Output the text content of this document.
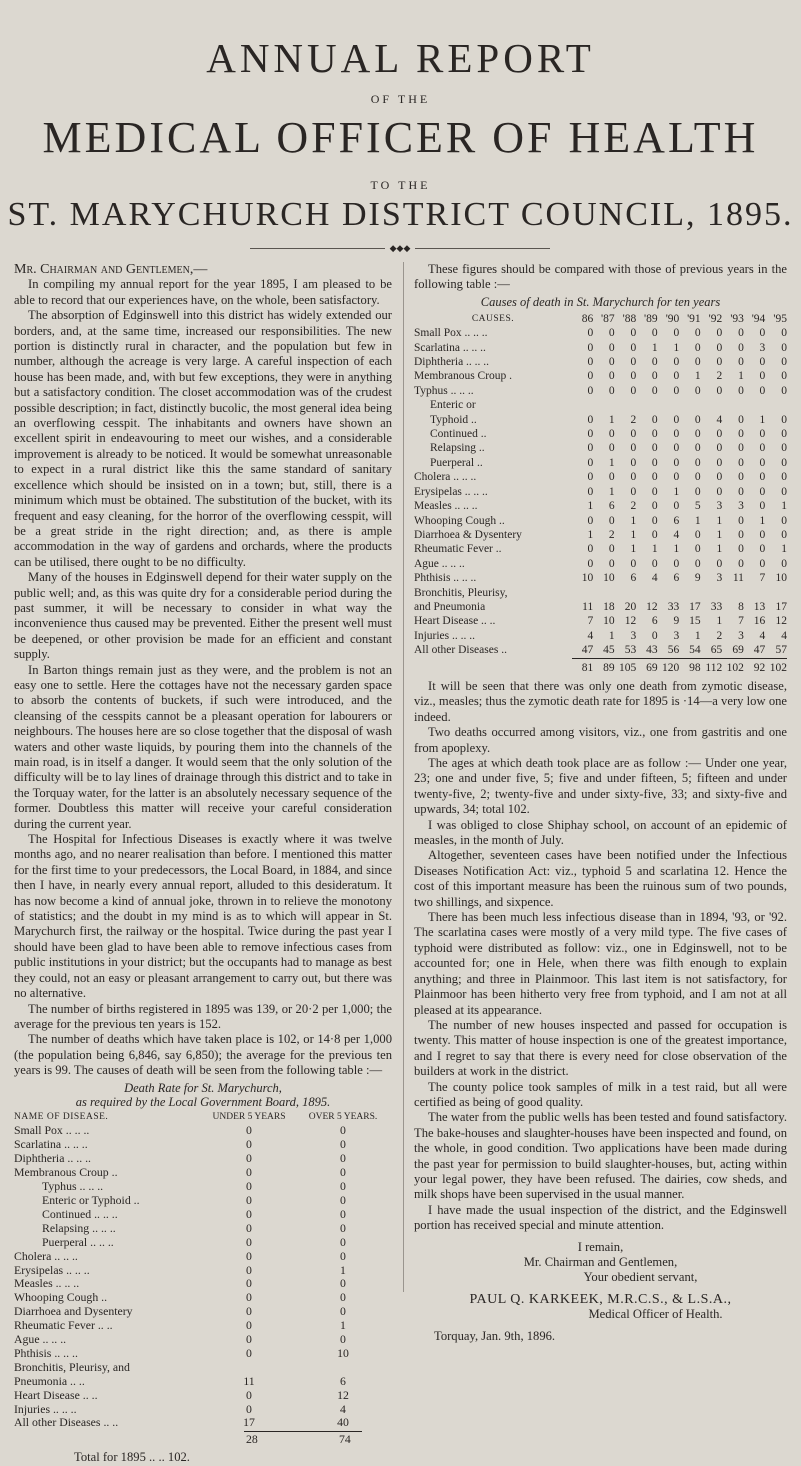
ANNUAL REPORT
OF THE
MEDICAL OFFICER OF HEALTH
TO THE
ST. MARYCHURCH DISTRICT COUNCIL, 1895.
◆◆◆

Mr. Chairman and Gentlemen,—

In compiling my annual report for the year 1895, I am pleased to be able to record that our experiences have, on the whole, been satisfactory.

The absorption of Edginswell into this district has widely extended our borders, and, at the same time, increased our responsibilities. The new portion is distinctly rural in character, and the population but few in number, although the acreage is very large. A careful inspection of each house has been made, and, with but few exceptions, they were in anything but a satisfactory condition. The closet accommodation was of the crudest possible description; in fact, distinctly bucolic, the most general idea being an overflowing cesspit. The inhabitants and owners have shown an excellent spirit in endeavouring to meet our wishes, and a considerable improvement is already to be noticed. It would be somewhat unreasonable to expect in a rural district like this the same standard of sanitary excellence which should be insisted on in a town; but, still, there is a minimum which must be obtained. The substitution of the bucket, with its frequent and easy cleaning, for the horror of the overflowing cesspit, will be a great stride in the right direction; and, as there is ample accommodation in the way of gardens and orchards, where the products can be utilised, there ought to be no difficulty.

Many of the houses in Edginswell depend for their water supply on the public well; and, as this was quite dry for a considerable period during the past summer, it will be necessary to consider in what way the inconvenience thus caused may be prevented. Either the present well must be deepened, or other provision be made for an efficient and constant supply.

In Barton things remain just as they were, and the problem is not an easy one to settle. Here the cottages have not the necessary garden space to absorb the contents of buckets, if such were introduced, and the cleansing of the cesspits cannot be a pleasant operation for labourers or neighbours. The houses here are so close together that the disposal of wash waters and other waste liquids, by pouring them into the channels of the main road, is in itself a danger. It would seem that the only solution of the difficulty will be to lay lines of drainage through this district and to take in the Torquay water, for the latter is an absolutely necessary sequence of the former. Doubtless this matter will receive your careful consideration during the current year.

The Hospital for Infectious Diseases is exactly where it was twelve months ago, and no nearer realisation than before. I mentioned this matter for the first time to your predecessors, the Local Board, in 1884, and since then I have, in nearly every annual report, alluded to this desideratum. It has now become a kind of annual joke, thrown in to relieve the monotony of statistics; and the doubt in my mind is as to which will appear in St. Marychurch first, the railway or the hospital. Twice during the past year I should have been glad to have been able to remove infectious cases from public institutions in your district; but the occupants had to manage as best they could, not an easy or pleasant arrangement to carry out, but there was no alternative.

The number of births registered in 1895 was 139, or 20·2 per 1,000; the average for the previous ten years is 152.

The number of deaths which have taken place is 102, or 14·8 per 1,000 (the population being 6,846, say 6,850); the average for the previous ten years is 99. The causes of death will be seen from the following table :—

Death Rate for St. Marychurch,
as required by the Local Government Board, 1895.
NAME OF DISEASE.	UNDER 5 YEARS	OVER 5 YEARS.
Small Pox .. .. ..	0	0
Scarlatina .. .. ..	0	0
Diphtheria .. .. ..	0	0
Membranous Croup ..	0	0
Typhus .. .. ..	0	0
Enteric or Typhoid ..	0	0
Continued .. .. ..	0	0
Relapsing .. .. ..	0	0
Puerperal .. .. ..	0	0
Cholera .. .. ..	0	0
Erysipelas .. .. ..	0	1
Measles .. .. ..	0	0
Whooping Cough ..	0	0
Diarrhoea and Dysentery	0	0
Rheumatic Fever .. ..	0	1
Ague .. .. ..	0	0
Phthisis .. .. ..	0	10
Bronchitis, Pleurisy, and		
Pneumonia .. ..	11	6
Heart Disease .. ..	0	12
Injuries .. .. ..	0	4
All other Diseases .. ..	17	40
28	74
Total for 1895 .. .. 102.

These figures should be compared with those of previous years in the following table :—

Causes of death in St. Marychurch for ten years
CAUSES.	86	'87	'88	'89	'90	'91	'92	'93	'94	'95
Small Pox .. .. ..	0	0	0	0	0	0	0	0	0	0
Scarlatina .. .. ..	0	0	0	1	1	0	0	0	3	0
Diphtheria .. .. ..	0	0	0	0	0	0	0	0	0	0
Membranous Croup .	0	0	0	0	0	1	2	1	0	0
Typhus .. .. ..	0	0	0	0	0	0	0	0	0	0
Enteric or										
Typhoid ..	0	1	2	0	0	0	4	0	1	0
Continued ..	0	0	0	0	0	0	0	0	0	0
Relapsing ..	0	0	0	0	0	0	0	0	0	0
Puerperal ..	0	1	0	0	0	0	0	0	0	0
Cholera .. .. ..	0	0	0	0	0	0	0	0	0	0
Erysipelas .. .. ..	0	1	0	0	1	0	0	0	0	0
Measles .. .. ..	1	6	2	0	0	5	3	3	0	1
Whooping Cough ..	0	0	1	0	6	1	1	0	1	0
Diarrhoea & Dysentery	1	2	1	0	4	0	1	0	0	0
Rheumatic Fever ..	0	0	1	1	1	0	1	0	0	1
Ague .. .. ..	0	0	0	0	0	0	0	0	0	0
Phthisis .. .. ..	10	10	6	4	6	9	3	11	7	10
Bronchitis, Pleurisy,										
and Pneumonia	11	18	20	12	33	17	33	8	13	17
Heart Disease .. ..	7	10	12	6	9	15	1	7	16	12
Injuries .. .. ..	4	1	3	0	3	1	2	3	4	4
All other Diseases ..	47	45	53	43	56	54	65	69	47	57
	81	89	105	69	120	98	112	102	92	102

It will be seen that there was only one death from zymotic disease, viz., measles; thus the zymotic death rate for 1895 is ·14—a very low one indeed.

Two deaths occurred among visitors, viz., one from gastritis and one from apoplexy.

The ages at which death took place are as follow :— Under one year, 23; one and under five, 5; five and under fifteen, 5; fifteen and under twenty-five, 2; twenty-five and under sixty-five, 33; and sixty-five and upwards, 34; total 102.

I was obliged to close Shiphay school, on account of an epidemic of measles, in the month of July.

Altogether, seventeen cases have been notified under the Infectious Diseases Notification Act: viz., typhoid 5 and scarlatina 12. Hence the cost of this important measure has been the ruinous sum of two pounds, two shillings, and sixpence.

There has been much less infectious disease than in 1894, '93, or '92. The scarlatina cases were mostly of a very mild type. The five cases of typhoid were distributed as follow: viz., one in Edginswell, not to be accounted for; one in Hele, when there was filth enough to explain anything; and three in Plainmoor. This last item is not satisfactory, for Plainmoor has been hitherto very free from typhoid, and I am not at all pleased at its appearance.

The number of new houses inspected and passed for occupation is twenty. This matter of house inspection is one of the greatest importance, and I regret to say that there is every need for close observation of the builders at work in the district.

The county police took samples of milk in a test raid, but all were certified as being of good quality.

The water from the public wells has been tested and found satisfactory. The bake-houses and slaughter-houses have been inspected and found, on the whole, in good condition. Two applications have been made during the past year for permission to build slaughter-houses, but, acting within your legal power, they have been refused. The dairies, cow sheds, and milk shops have been supervised in the usual manner.

I have made the usual inspection of the district, and the Edginswell portion has received special and minute attention.

I remain,
Mr. Chairman and Gentlemen,
Your obedient servant,
PAUL Q. KARKEEK, M.R.C.S., & L.S.A.,
Medical Officer of Health.
Torquay, Jan. 9th, 1896.
